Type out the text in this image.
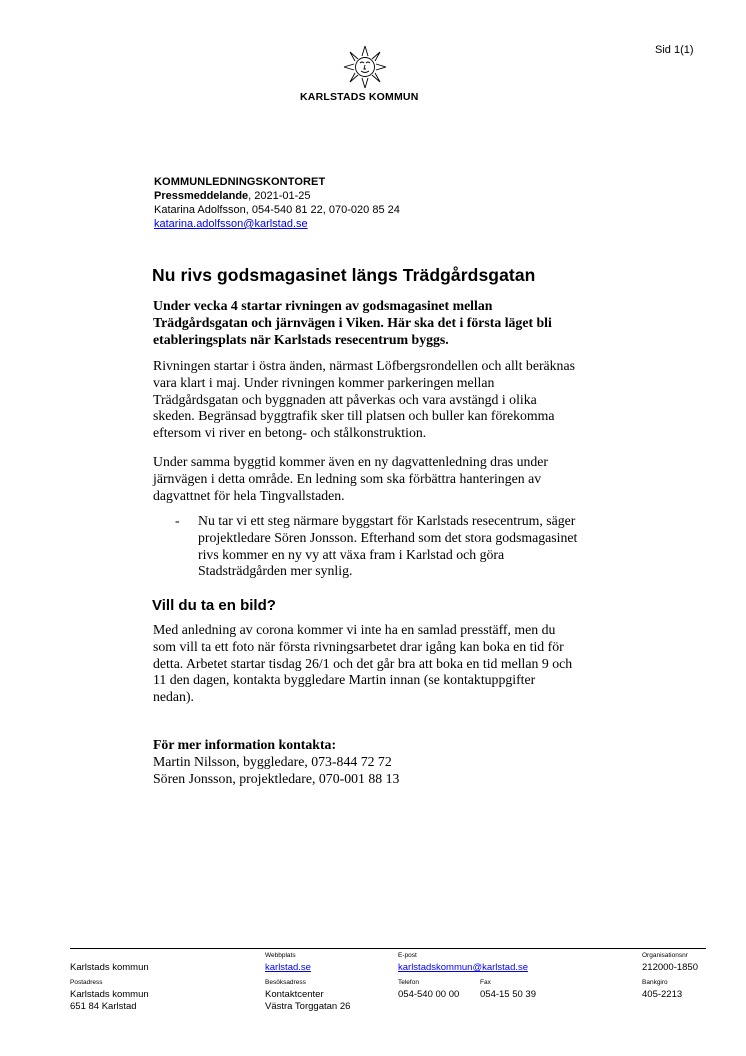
Sid 1(1)
KARLSTADS KOMMUN
KOMMUNLEDNINGSKONTORET
Pressmeddelande, 2021-01-25
Katarina Adolfsson, 054-540 81 22, 070-020 85 24
katarina.adolfsson@karlstad.se
Nu rivs godsmagasinet längs Trädgårdsgatan

Under vecka 4 startar rivningen av godsmagasinet mellan
Trädgårdsgatan och järnvägen i Viken. Här ska det i första läget bli
etableringsplats när Karlstads resecentrum byggs.

Rivningen startar i östra änden, närmast Löfbergsrondellen och allt beräknas
vara klart i maj. Under rivningen kommer parkeringen mellan
Trädgårdsgatan och byggnaden att påverkas och vara avstängd i olika
skeden. Begränsad byggtrafik sker till platsen och buller kan förekomma
eftersom vi river en betong- och stålkonstruktion.

Under samma byggtid kommer även en ny dagvattenledning dras under
järnvägen i detta område. En ledning som ska förbättra hanteringen av
dagvattnet för hela Tingvallstaden.

- Nu tar vi ett steg närmare byggstart för Karlstads resecentrum, säger
projektledare Sören Jonsson. Efterhand som det stora godsmagasinet
rivs kommer en ny vy att växa fram i Karlstad och göra
Stadsträdgården mer synlig.

Vill du ta en bild?

Med anledning av corona kommer vi inte ha en samlad presstäff, men du
som vill ta ett foto när första rivningsarbetet drar igång kan boka en tid för
detta. Arbetet startar tisdag 26/1 och det går bra att boka en tid mellan 9 och
11 den dagen, kontakta byggledare Martin innan (se kontaktuppgifter
nedan).

För mer information kontakta:
Martin Nilsson, byggledare, 073-844 72 72
Sören Jonsson, projektledare, 070-001 88 13
Karlstads kommun
Webbplats
karlstad.se
E-post
karlstadskommun@karlstad.se
Organisationsnr
212000-1850
Postadress
Karlstads kommun
651 84 Karlstad
Besöksadress
Kontaktcenter
Västra Torggatan 26
Telefon
054-540 00 00
Fax
054-15 50 39
Bankgiro
405-2213
